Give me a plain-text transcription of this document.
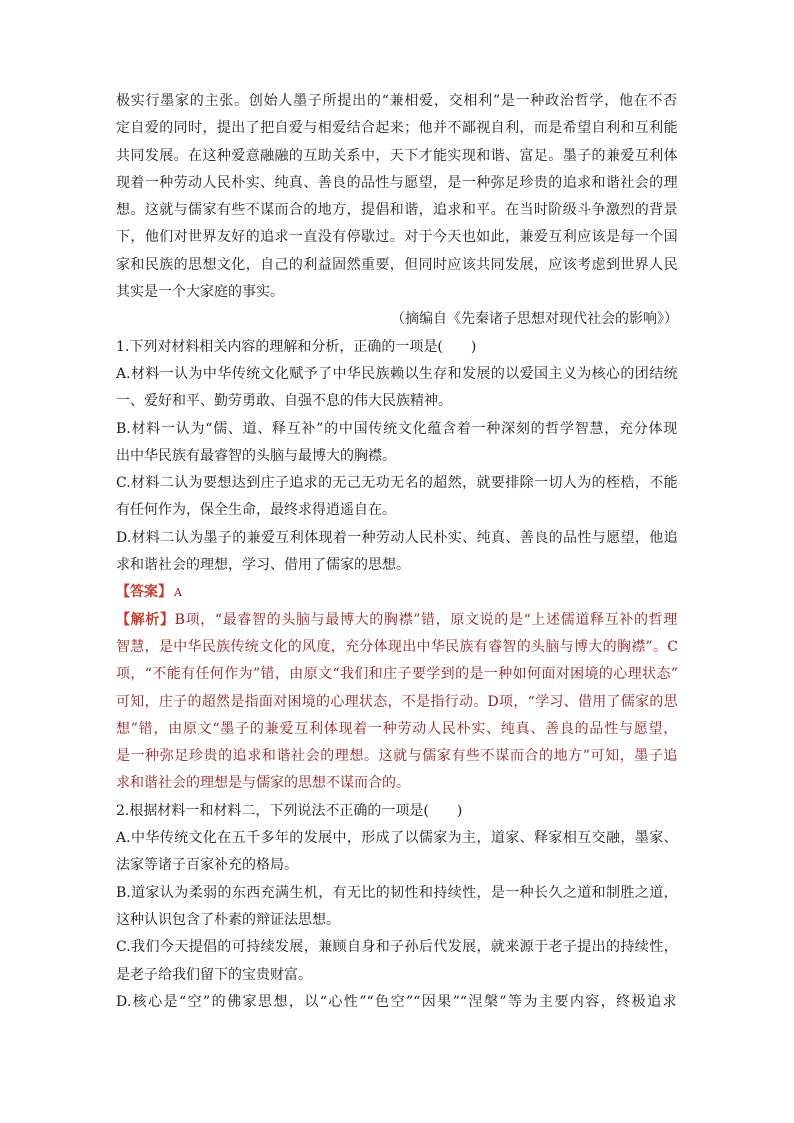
极实行墨家的主张。创始人墨子所提出的“兼相爱，交相利”是一种政治哲学，他在不否
定自爱的同时，提出了把自爱与相爱结合起来；他并不鄙视自利，而是希望自利和互利能
共同发展。在这种爱意融融的互助关系中，天下才能实现和谐、富足。墨子的兼爱互利体
现着一种劳动人民朴实、纯真、善良的品性与愿望，是一种弥足珍贵的追求和谐社会的理
想。这就与儒家有些不谋而合的地方，提倡和谐，追求和平。在当时阶级斗争激烈的背景
下，他们对世界友好的追求一直没有停歇过。对于今天也如此，兼爱互利应该是每一个国
家和民族的思想文化，自己的利益固然重要，但同时应该共同发展，应该考虑到世界人民
其实是一个大家庭的事实。
（摘编自《先秦诸子思想对现代社会的影响》）
1.下列对材料相关内容的理解和分析，正确的一项是(　　)
A.材料一认为中华传统文化赋予了中华民族赖以生存和发展的以爱国主义为核心的团结统
一、爱好和平、勤劳勇敢、自强不息的伟大民族精神。
B.材料一认为“儒、道、释互补”的中国传统文化蕴含着一种深刻的哲学智慧，充分体现
出中华民族有最睿智的头脑与最博大的胸襟。
C.材料二认为要想达到庄子追求的无己无功无名的超然，就要排除一切人为的桎梏，不能
有任何作为，保全生命，最终求得逍遥自在。
D.材料二认为墨子的兼爱互利体现着一种劳动人民朴实、纯真、善良的品性与愿望，他追
求和谐社会的理想，学习、借用了儒家的思想。
【答案】 A
【解析】B项，“最睿智的头脑与最博大的胸襟”错，原文说的是“上述儒道释互补的哲理
智慧，是中华民族传统文化的风度，充分体现出中华民族有睿智的头脑与博大的胸襟”。C
项，“不能有任何作为”错，由原文“我们和庄子要学到的是一种如何面对困境的心理状态”
可知，庄子的超然是指面对困境的心理状态，不是指行动。D项，“学习、借用了儒家的思
想”错，由原文“墨子的兼爱互利体现着一种劳动人民朴实、纯真、善良的品性与愿望，
是一种弥足珍贵的追求和谐社会的理想。这就与儒家有些不谋而合的地方”可知，墨子追
求和谐社会的理想是与儒家的思想不谋而合的。
2.根据材料一和材料二，下列说法不正确的一项是(　　)
A.中华传统文化在五千多年的发展中，形成了以儒家为主，道家、释家相互交融，墨家、
法家等诸子百家补充的格局。
B.道家认为柔弱的东西充满生机，有无比的韧性和持续性，是一种长久之道和制胜之道，
这种认识包含了朴素的辩证法思想。
C.我们今天提倡的可持续发展，兼顾自身和子孙后代发展，就来源于老子提出的持续性，
是老子给我们留下的宝贵财富。
D.核心是“空”的佛家思想，以“心性”“色空”“因果”“涅槃”等为主要内容，终极追求
